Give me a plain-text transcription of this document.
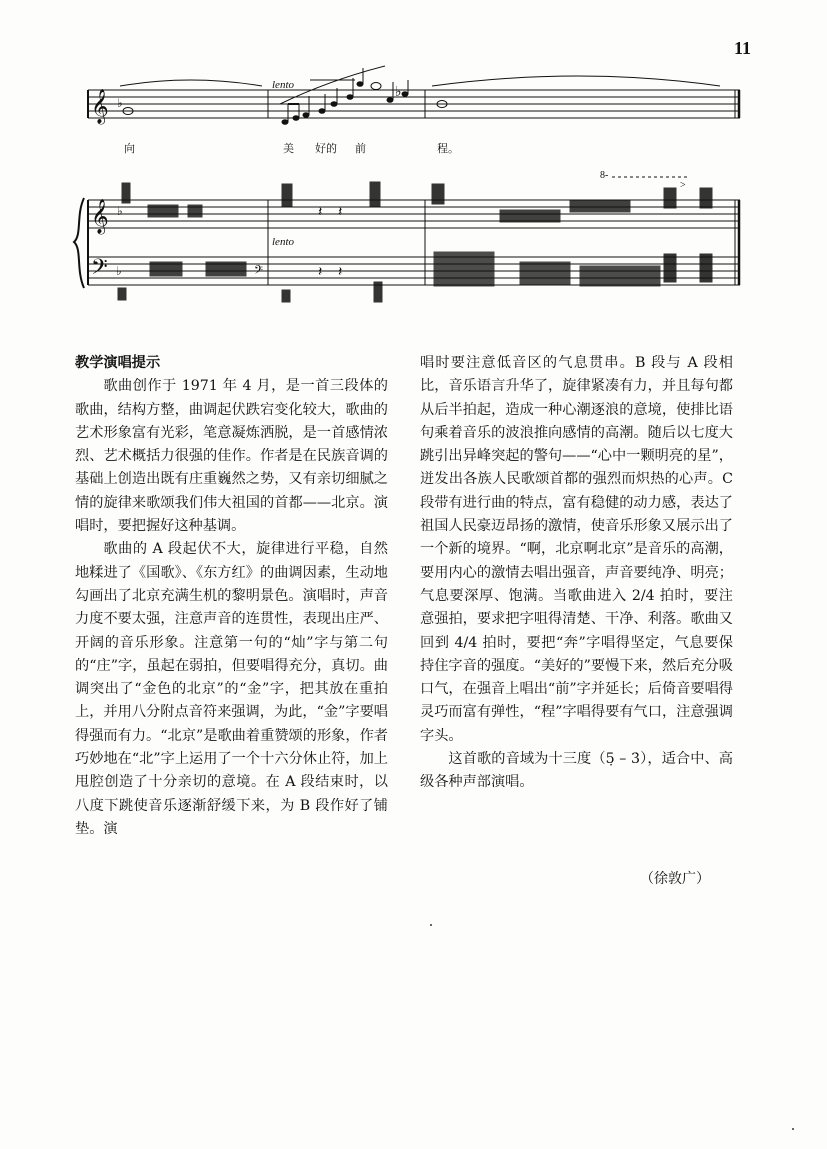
11
𝄞
𝄞
𝄢
♭
♭
♭
♭
𝄽 𝄽
𝄽 𝄽
𝄢
lento
lento
8-
>
向	美 好的 前	程。

教学演唱提示

歌曲创作于 1971 年 4 月，是一首三段体的歌曲，结构方整，曲调起伏跌宕变化较大，歌曲的艺术形象富有光彩，笔意凝炼洒脱，是一首感情浓烈、艺术概括力很强的佳作。作者是在民族音调的基础上创造出既有庄重巍然之势，又有亲切细腻之情的旋律来歌颂我们伟大祖国的首都——北京。演唱时，要把握好这种基调。

歌曲的 A 段起伏不大，旋律进行平稳，自然地糅进了《国歌》、《东方红》的曲调因素，生动地勾画出了北京充满生机的黎明景色。演唱时，声音力度不要太强，注意声音的连贯性，表现出庄严、开阔的音乐形象。注意第一句的“灿”字与第二句的“庄”字，虽起在弱拍，但要唱得充分，真切。曲调突出了“金色的北京”的“金”字，把其放在重拍上，并用八分附点音符来强调，为此，“金”字要唱得强而有力。“北京”是歌曲着重赞颂的形象，作者巧妙地在“北”字上运用了一个十六分休止符，加上甩腔创造了十分亲切的意境。在 A 段结束时，以八度下跳使音乐逐渐舒缓下来，为 B 段作好了铺垫。演

唱时要注意低音区的气息贯串。B 段与 A 段相比，音乐语言升华了，旋律紧凑有力，并且每句都从后半拍起，造成一种心潮逐浪的意境，使排比语句乘着音乐的波浪推向感情的高潮。随后以七度大跳引出异峰突起的警句——“心中一颗明亮的星”，迸发出各族人民歌颂首都的强烈而炽热的心声。C 段带有进行曲的特点，富有稳健的动力感，表达了祖国人民豪迈昂扬的激情，使音乐形象又展示出了一个新的境界。“啊，北京啊北京”是音乐的高潮，要用内心的激情去唱出强音，声音要纯净、明亮；气息要深厚、饱满。当歌曲进入 2/4 拍时，要注意强拍，要求把字咀得清楚、干净、利落。歌曲又回到 4/4 拍时，要把“奔”字唱得坚定，气息要保持住字音的强度。“美好的”要慢下来，然后充分吸口气，在强音上唱出“前”字并延长；后倚音要唱得灵巧而富有弹性，“程”字唱得要有气口，注意强调字头。

这首歌的音域为十三度（5̣ – 3̇），适合中、高级各种声部演唱。

（徐敦广）
